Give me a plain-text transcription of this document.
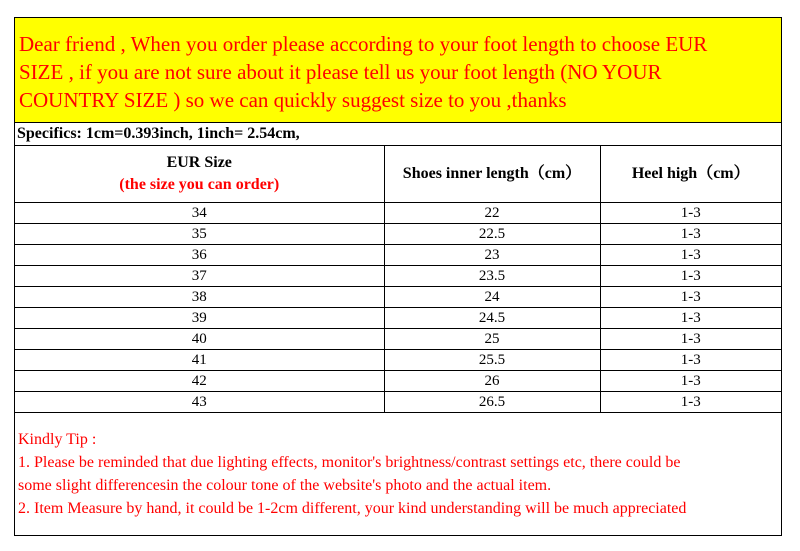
Dear friend , When you order please according to your foot length to choose EUR
SIZE , if you are not sure about it please tell us your foot length (NO YOUR
COUNTRY SIZE ) so we can quickly suggest size to you ,thanks
Specifics: 1cm=0.393inch, 1inch= 2.54cm,
EUR Size
(the size you can order)	Shoes inner length（cm）	Heel high（cm）
34	22	1-3
35	22.5	1-3
36	23	1-3
37	23.5	1-3
38	24	1-3
39	24.5	1-3
40	25	1-3
41	25.5	1-3
42	26	1-3
43	26.5	1-3
Kindly Tip :
1. Please be reminded that due lighting effects, monitor's brightness/contrast settings etc, there could be
some slight differencesin the colour tone of the website's photo and the actual item.
2. Item Measure by hand, it could be 1-2cm different, your kind understanding will be much appreciated
